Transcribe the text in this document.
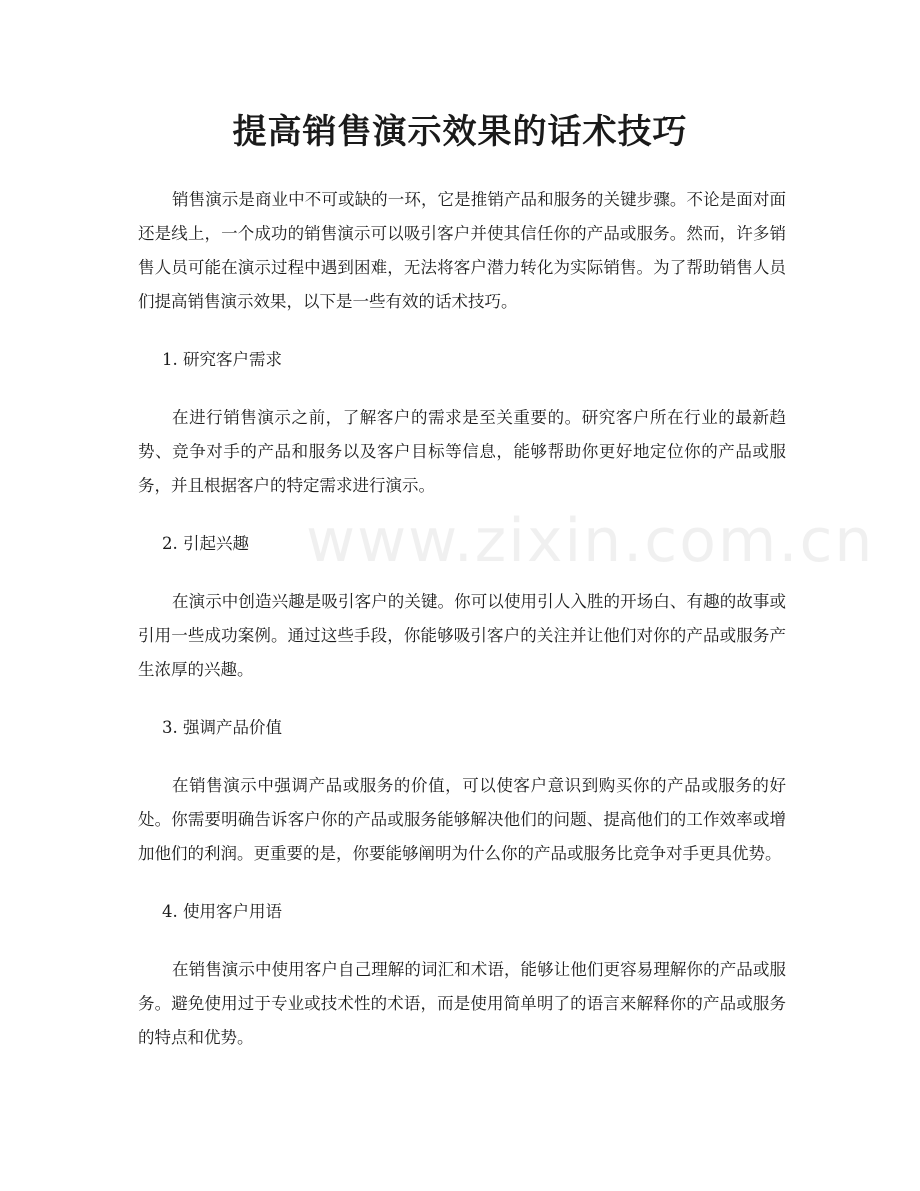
提高销售演示效果的话术技巧

销售演示是商业中不可或缺的一环，它是推销产品和服务的关键步骤。不论是面对面还是线上，一个成功的销售演示可以吸引客户并使其信任你的产品或服务。然而，许多销售人员可能在演示过程中遇到困难，无法将客户潜力转化为实际销售。为了帮助销售人员们提高销售演示效果，以下是一些有效的话术技巧。

1. 研究客户需求

在进行销售演示之前，了解客户的需求是至关重要的。研究客户所在行业的最新趋势、竞争对手的产品和服务以及客户目标等信息，能够帮助你更好地定位你的产品或服务，并且根据客户的特定需求进行演示。

2. 引起兴趣

在演示中创造兴趣是吸引客户的关键。你可以使用引人入胜的开场白、有趣的故事或引用一些成功案例。通过这些手段，你能够吸引客户的关注并让他们对你的产品或服务产生浓厚的兴趣。

3. 强调产品价值

在销售演示中强调产品或服务的价值，可以使客户意识到购买你的产品或服务的好处。你需要明确告诉客户你的产品或服务能够解决他们的问题、提高他们的工作效率或增加他们的利润。更重要的是，你要能够阐明为什么你的产品或服务比竞争对手更具优势。

4. 使用客户用语

在销售演示中使用客户自己理解的词汇和术语，能够让他们更容易理解你的产品或服务。避免使用过于专业或技术性的术语，而是使用简单明了的语言来解释你的产品或服务的特点和优势。

www.zixin.com.cn
